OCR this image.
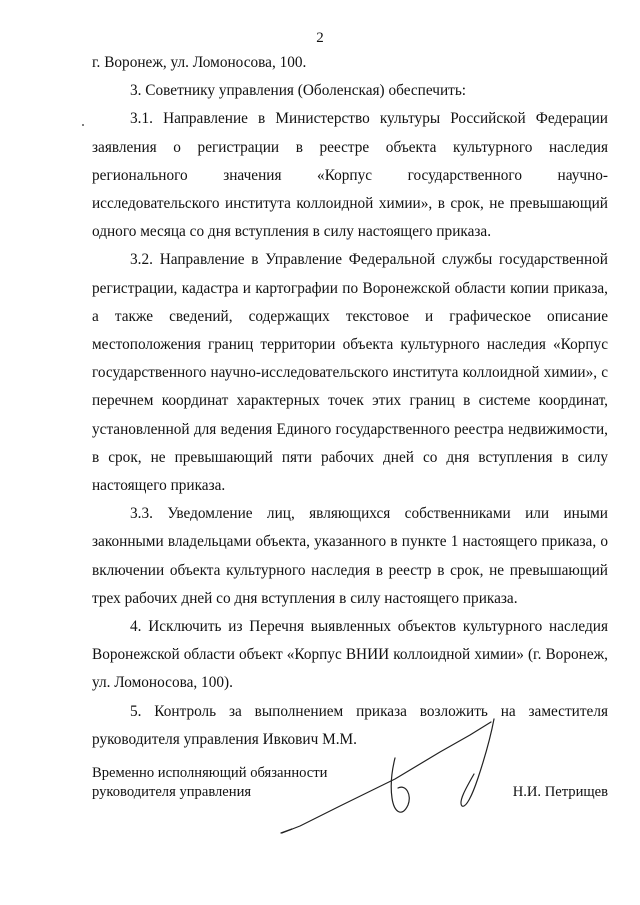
2

г. Воронеж, ул. Ломоносова, 100.

3. Советнику управления (Оболенская) обеспечить:

3.1. Направление в Министерство культуры Российской Федерации заявления о регистрации в реестре объекта культурного наследия регионального значения «Корпус государственного научно-исследовательского института коллоидной химии», в срок, не превышающий одного месяца со дня вступления в силу настоящего приказа.

3.2. Направление в Управление Федеральной службы государственной регистрации, кадастра и картографии по Воронежской области копии приказа, а также сведений, содержащих текстовое и графическое описание местоположения границ территории объекта культурного наследия «Корпус государственного научно-исследовательского института коллоидной химии», с перечнем координат характерных точек этих границ в системе координат, установленной для ведения Единого государственного реестра недвижимости, в срок, не превышающий пяти рабочих дней со дня вступления в силу настоящего приказа.

3.3. Уведомление лиц, являющихся собственниками или иными законными владельцами объекта, указанного в пункте 1 настоящего приказа, о включении объекта культурного наследия в реестр в срок, не превышающий трех рабочих дней со дня вступления в силу настоящего приказа.

4. Исключить из Перечня выявленных объектов культурного наследия Воронежской области объект «Корпус ВНИИ коллоидной химии» (г. Воронеж, ул. Ломоносова, 100).

5. Контроль за выполнением приказа возложить на заместителя руководителя управления Ивкович М.М.

Временно исполняющий обязанности
руководителя управления	Н.И. Петрищев
